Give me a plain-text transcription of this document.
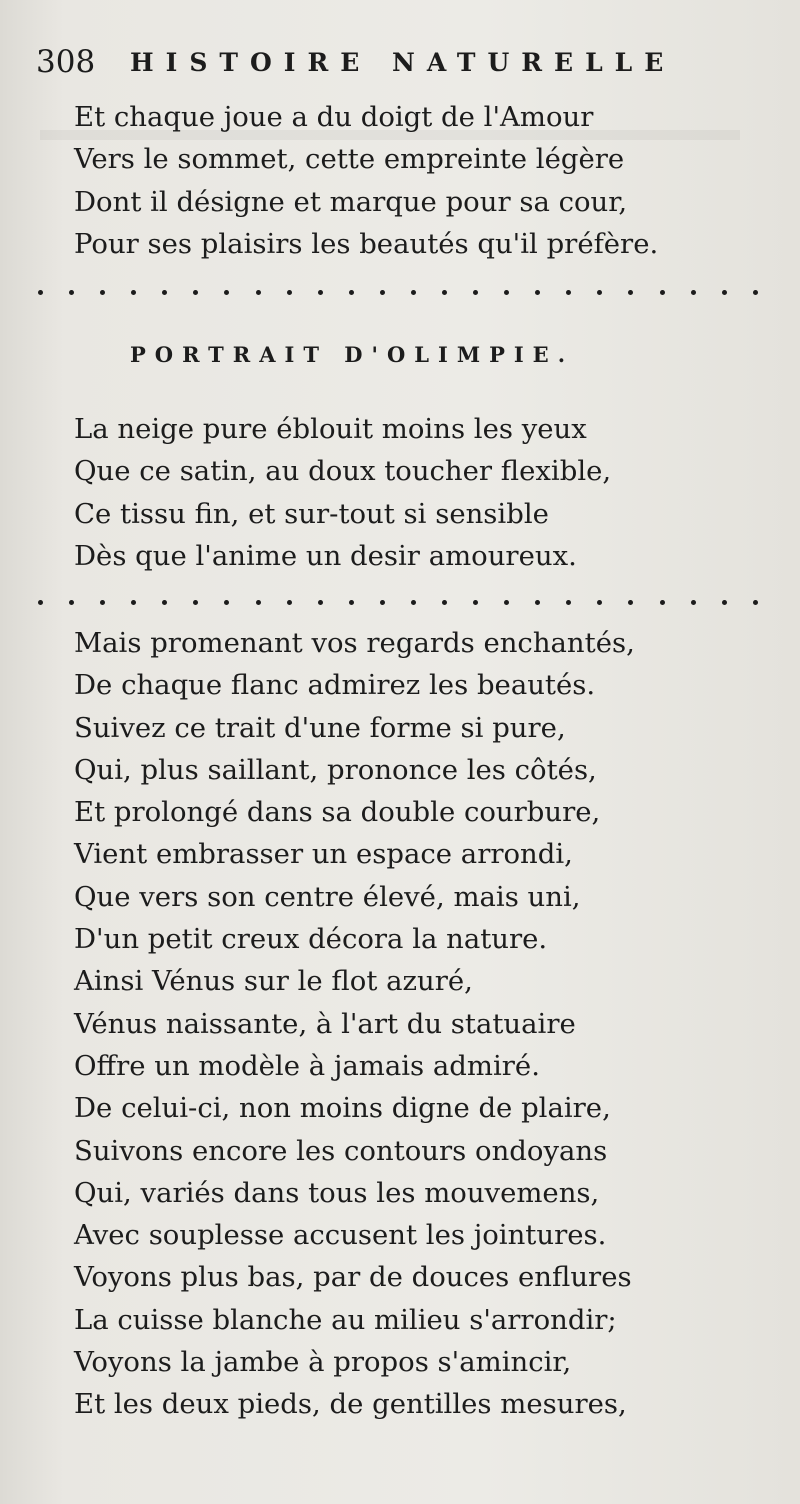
308 HISTOIRE NATURELLE
Et chaque joue a du doigt de l'Amour
Vers le sommet, cette empreinte légère
Dont il désigne et marque pour sa cour,
Pour ses plaisirs les beautés qu'il préfère.
PORTRAIT D'OLIMPIE.
La neige pure éblouit moins les yeux
Que ce satin, au doux toucher flexible,
Ce tissu fin, et sur-tout si sensible
Dès que l'anime un desir amoureux.
Mais promenant vos regards enchantés,
De chaque flanc admirez les beautés.
Suivez ce trait d'une forme si pure,
Qui, plus saillant, prononce les côtés,
Et prolongé dans sa double courbure,
Vient embrasser un espace arrondi,
Que vers son centre élevé, mais uni,
D'un petit creux décora la nature.
Ainsi Vénus sur le flot azuré,
Vénus naissante, à l'art du statuaire
Offre un modèle à jamais admiré.
De celui-ci, non moins digne de plaire,
Suivons encore les contours ondoyans
Qui, variés dans tous les mouvemens,
Avec souplesse accusent les jointures.
Voyons plus bas, par de douces enflures
La cuisse blanche au milieu s'arrondir;
Voyons la jambe à propos s'amincir,
Et les deux pieds, de gentilles mesures,
